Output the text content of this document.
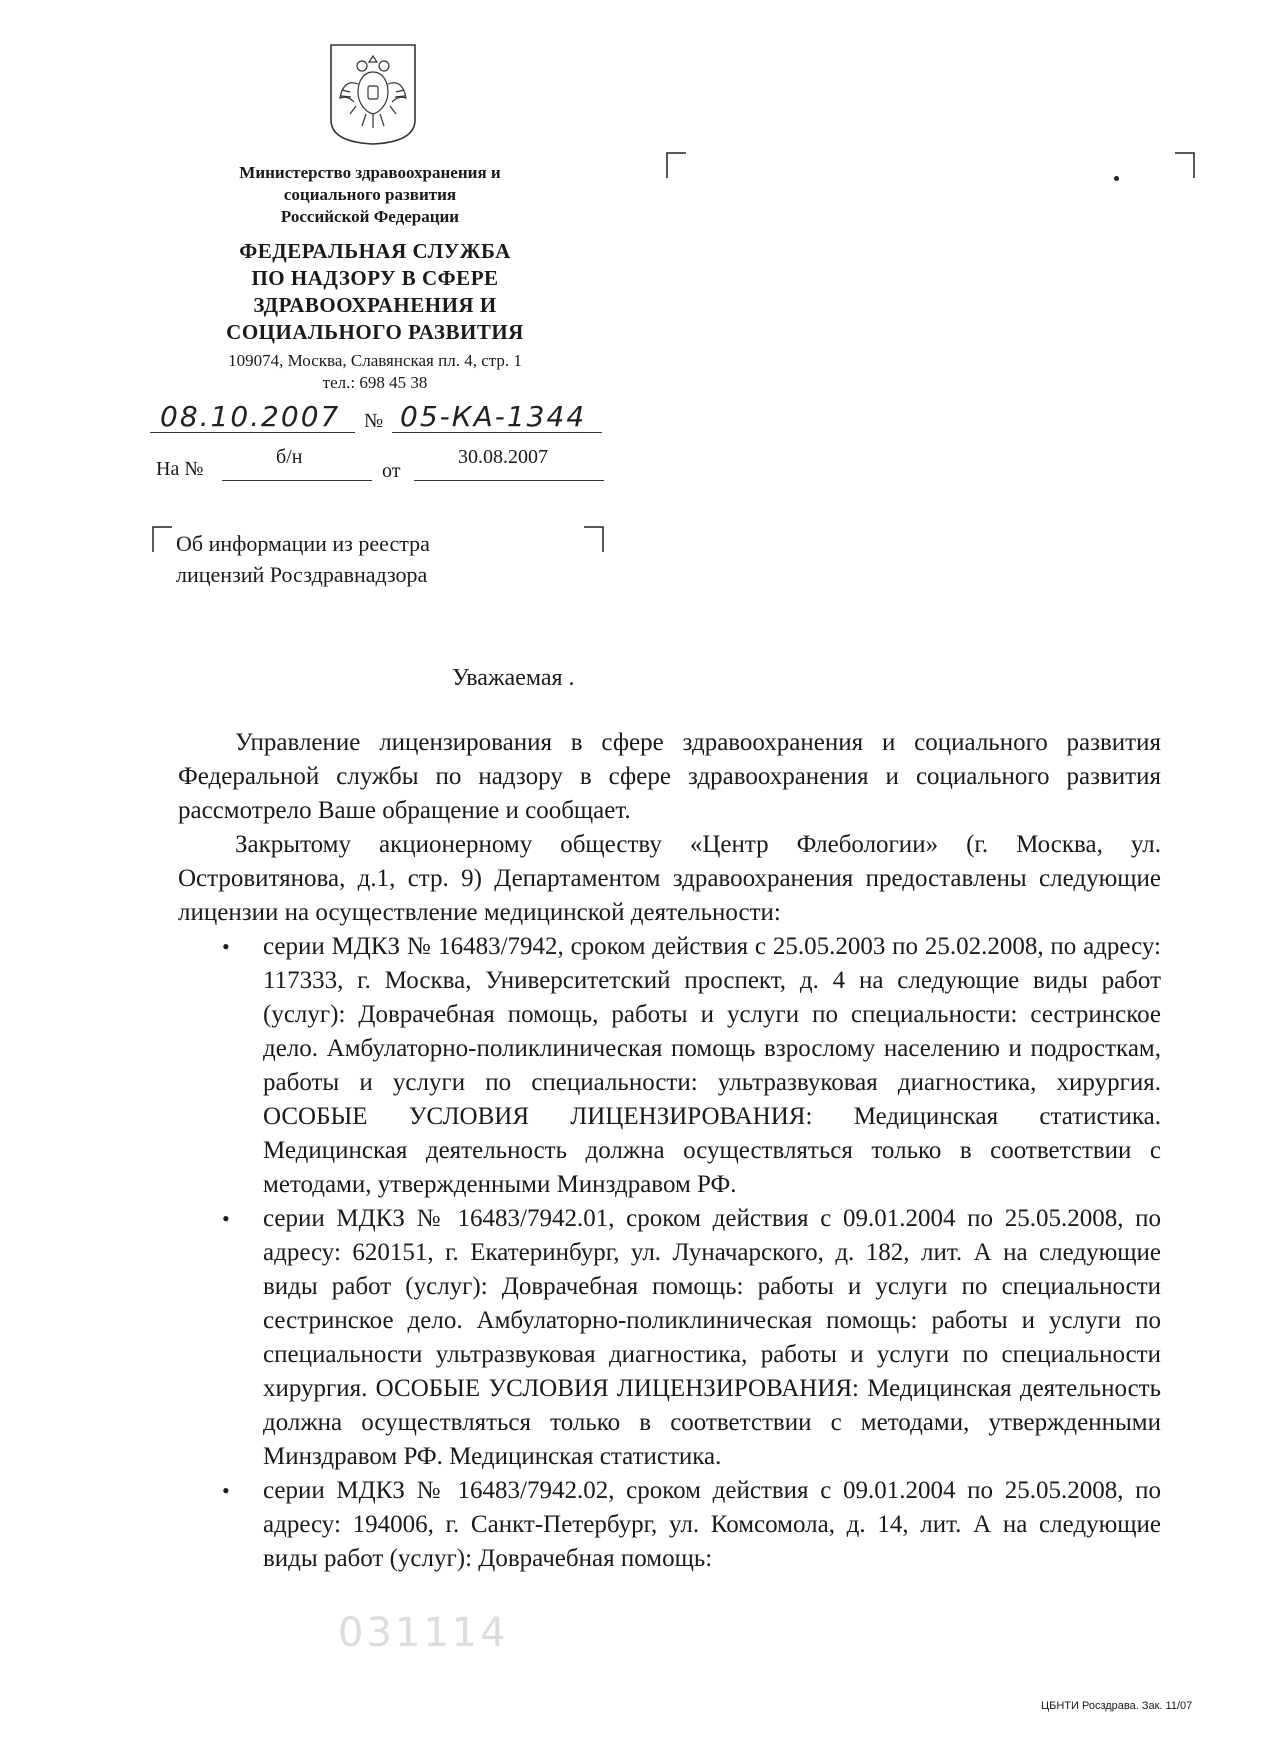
Министерство здравоохранения и
социального развития
Российской Федерации
ФЕДЕРАЛЬНАЯ СЛУЖБА
ПО НАДЗОРУ В СФЕРЕ
ЗДРАВООХРАНЕНИЯ И
СОЦИАЛЬНОГО РАЗВИТИЯ
109074, Москва, Славянская пл. 4, стр. 1
тел.: 698 45 38
08.10.2007 № 05-КА-1344
На №
б/н
от
30.08.2007
Об информации из реестра
лицензий Росздравнадзора
Уважаемая .

Управление лицензирования в сфере здравоохранения и социального развития Федеральной службы по надзору в сфере здравоохранения и социального развития рассмотрело Ваше обращение и сообщает.

Закрытому акционерному обществу «Центр Флебологии» (г. Москва, ул. Островитянова, д.1, стр. 9) Департаментом здравоохранения предоставлены следующие лицензии на осуществление медицинской деятельности:

• серии МДКЗ № 16483/7942, сроком действия с 25.05.2003 по 25.02.2008, по адресу: 117333, г. Москва, Университетский проспект, д. 4 на следующие виды работ (услуг): Доврачебная помощь, работы и услуги по специальности: сестринское дело. Амбулаторно-поликлиническая помощь взрослому населению и подросткам, работы и услуги по специальности: ультразвуковая диагностика, хирургия. ОСОБЫЕ УСЛОВИЯ ЛИЦЕНЗИРОВАНИЯ: Медицинская статистика. Медицинская деятельность должна осуществляться только в соответствии с методами, утвержденными Минздравом РФ.
• серии МДКЗ № 16483/7942.01, сроком действия с 09.01.2004 по 25.05.2008, по адресу: 620151, г. Екатеринбург, ул. Луначарского, д. 182, лит. А на следующие виды работ (услуг): Доврачебная помощь: работы и услуги по специальности сестринское дело. Амбулаторно-поликлиническая помощь: работы и услуги по специальности ультразвуковая диагностика, работы и услуги по специальности хирургия. ОСОБЫЕ УСЛОВИЯ ЛИЦЕНЗИРОВАНИЯ: Медицинская деятельность должна осуществляться только в соответствии с методами, утвержденными Минздравом РФ. Медицинская статистика.
• серии МДКЗ № 16483/7942.02, сроком действия с 09.01.2004 по 25.05.2008, по адресу: 194006, г. Санкт-Петербург, ул. Комсомола, д. 14, лит. А на следующие виды работ (услуг): Доврачебная помощь:
031114
ЦБНТИ Росздрава. Зак. 11/07
